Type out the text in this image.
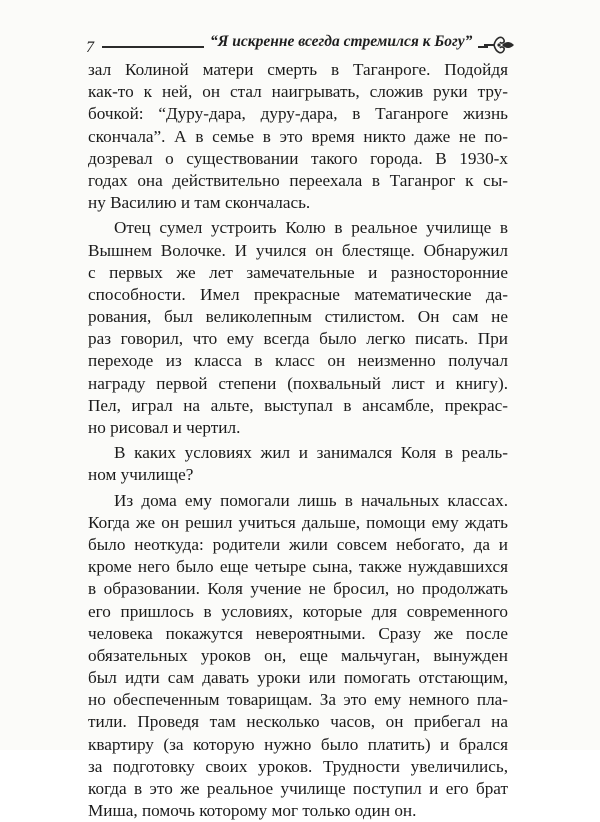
7	“Я искренне всегда стремился к Богу”
зал Колиной матери смерть в Таганроге. Подойдя
как-то к ней, он стал наигрывать, сложив руки тру-
бочкой: “Дуру-дара, дуру-дара, в Таганроге жизнь
скончала”. А в семье в это время никто даже не по-
дозревал о существовании такого города. В 1930-х
годах она действительно переехала в Таганрог к сы-
ну Василию и там скончалась.
Отец сумел устроить Колю в реальное училище в
Вышнем Волочке. И учился он блестяще. Обнаружил
с первых же лет замечательные и разносторонние
способности. Имел прекрасные математические да-
рования, был великолепным стилистом. Он сам не
раз говорил, что ему всегда было легко писать. При
переходе из класса в класс он неизменно получал
награду первой степени (похвальный лист и книгу).
Пел, играл на альте, выступал в ансамбле, прекрас-
но рисовал и чертил.
В каких условиях жил и занимался Коля в реаль-
ном училище?
Из дома ему помогали лишь в начальных классах.
Когда же он решил учиться дальше, помощи ему ждать
было неоткуда: родители жили совсем небогато, да и
кроме него было еще четыре сына, также нуждавшихся
в образовании. Коля учение не бросил, но продолжать
его пришлось в условиях, которые для современного
человека покажутся невероятными. Сразу же после
обязательных уроков он, еще мальчуган, вынужден
был идти сам давать уроки или помогать отстающим,
но обеспеченным товарищам. За это ему немного пла-
тили. Проведя там несколько часов, он прибегал на
квартиру (за которую нужно было платить) и брался
за подготовку своих уроков. Трудности увеличились,
когда в это же реальное училище поступил и его брат
Миша, помочь которому мог только один он.
